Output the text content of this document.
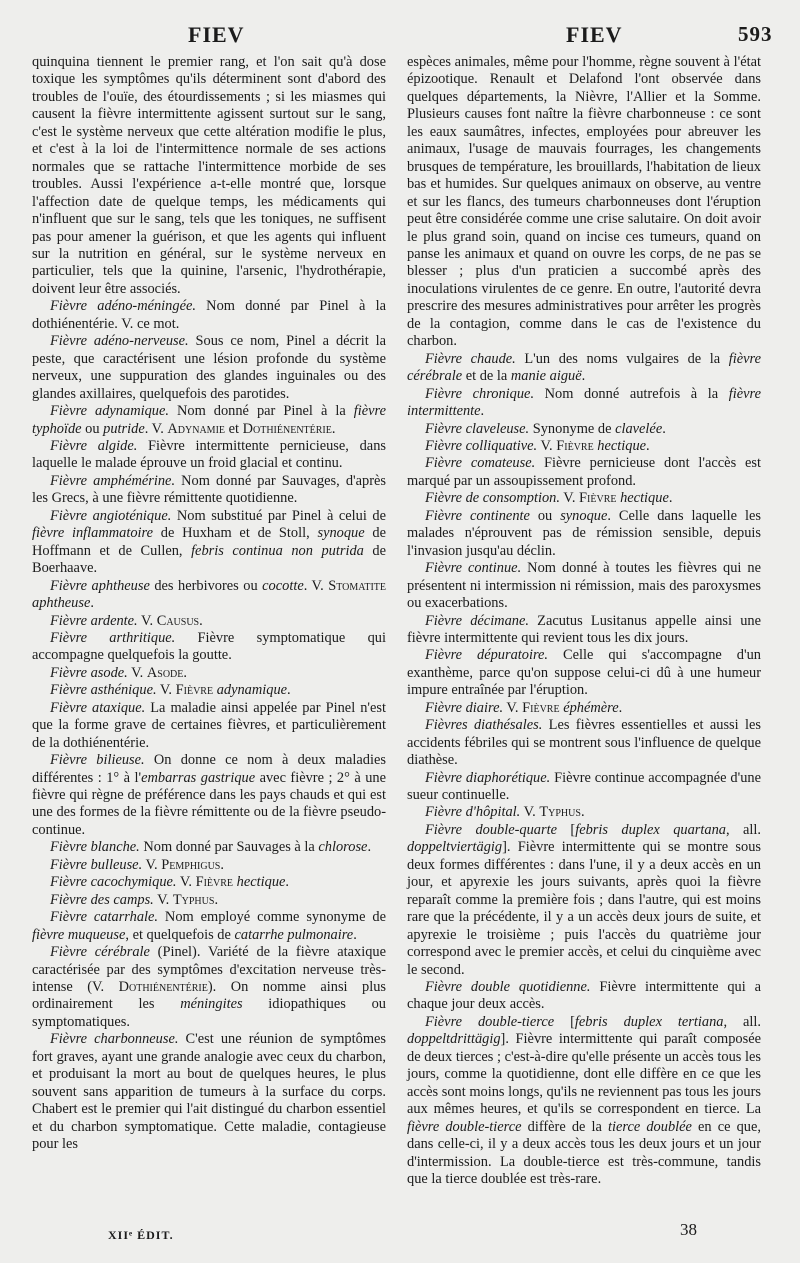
FIEV	FIEV	593

quinquina tiennent le premier rang, et l'on sait qu'à dose toxique les symptômes qu'ils déterminent sont d'abord des troubles de l'ouïe, des étourdissements ; si les miasmes qui causent la fièvre intermittente agissent surtout sur le sang, c'est le système nerveux que cette altération modifie le plus, et c'est à la loi de l'intermittence normale de ses actions normales que se rattache l'intermittence morbide de ses troubles. Aussi l'expérience a-t-elle montré que, lorsque l'affection date de quelque temps, les médicaments qui n'influent que sur le sang, tels que les toniques, ne suffisent pas pour amener la guérison, et que les agents qui influent sur la nutrition en général, sur le système nerveux en particulier, tels que la quinine, l'arsenic, l'hydrothérapie, doivent leur être associés.

Fièvre adéno-méningée. Nom donné par Pinel à la dothiénentérie. V. ce mot.

Fièvre adéno-nerveuse. Sous ce nom, Pinel a décrit la peste, que caractérisent une lésion profonde du système nerveux, une suppuration des glandes inguinales ou des glandes axillaires, quelquefois des parotides.

Fièvre adynamique. Nom donné par Pinel à la fièvre typhoïde ou putride. V. Adynamie et Dothiénentérie.

Fièvre algide. Fièvre intermittente pernicieuse, dans laquelle le malade éprouve un froid glacial et continu.

Fièvre amphémérine. Nom donné par Sauvages, d'après les Grecs, à une fièvre rémittente quotidienne.

Fièvre angioténique. Nom substitué par Pinel à celui de fièvre inflammatoire de Huxham et de Stoll, synoque de Hoffmann et de Cullen, febris continua non putrida de Boerhaave.

Fièvre aphtheuse des herbivores ou cocotte. V. Stomatite aphtheuse.

Fièvre ardente. V. Causus.

Fièvre arthritique. Fièvre symptomatique qui accompagne quelquefois la goutte.

Fièvre asode. V. Asode.

Fièvre asthénique. V. Fièvre adynamique.

Fièvre ataxique. La maladie ainsi appelée par Pinel n'est que la forme grave de certaines fièvres, et particulièrement de la dothiénentérie.

Fièvre bilieuse. On donne ce nom à deux maladies différentes : 1° à l'embarras gastrique avec fièvre ; 2° à une fièvre qui règne de préférence dans les pays chauds et qui est une des formes de la fièvre rémittente ou de la fièvre pseudo-continue.

Fièvre blanche. Nom donné par Sauvages à la chlorose.

Fièvre bulleuse. V. Pemphigus.

Fièvre cacochymique. V. Fièvre hectique.

Fièvre des camps. V. Typhus.

Fièvre catarrhale. Nom employé comme synonyme de fièvre muqueuse, et quelquefois de catarrhe pulmonaire.

Fièvre cérébrale (Pinel). Variété de la fièvre ataxique caractérisée par des symptômes d'excitation nerveuse très-intense (V. Dothiénentérie). On nomme ainsi plus ordinairement les méningites idiopathiques ou symptomatiques.

Fièvre charbonneuse. C'est une réunion de symptômes fort graves, ayant une grande analogie avec ceux du charbon, et produisant la mort au bout de quelques heures, le plus souvent sans apparition de tumeurs à la surface du corps. Chabert est le premier qui l'ait distingué du charbon essentiel et du charbon symptomatique. Cette maladie, contagieuse pour les

espèces animales, même pour l'homme, règne souvent à l'état épizootique. Renault et Delafond l'ont observée dans quelques départements, la Nièvre, l'Allier et la Somme. Plusieurs causes font naître la fièvre charbonneuse : ce sont les eaux saumâtres, infectes, employées pour abreuver les animaux, l'usage de mauvais fourrages, les changements brusques de température, les brouillards, l'habitation de lieux bas et humides. Sur quelques animaux on observe, au ventre et sur les flancs, des tumeurs charbonneuses dont l'éruption peut être considérée comme une crise salutaire. On doit avoir le plus grand soin, quand on incise ces tumeurs, quand on panse les animaux et quand on ouvre les corps, de ne pas se blesser ; plus d'un praticien a succombé après des inoculations virulentes de ce genre. En outre, l'autorité devra prescrire des mesures administratives pour arrêter les progrès de la contagion, comme dans le cas de l'existence du charbon.

Fièvre chaude. L'un des noms vulgaires de la fièvre cérébrale et de la manie aiguë.

Fièvre chronique. Nom donné autrefois à la fièvre intermittente.

Fièvre claveleuse. Synonyme de clavelée.

Fièvre colliquative. V. Fièvre hectique.

Fièvre comateuse. Fièvre pernicieuse dont l'accès est marqué par un assoupissement profond.

Fièvre de consomption. V. Fièvre hectique.

Fièvre continente ou synoque. Celle dans laquelle les malades n'éprouvent pas de rémission sensible, depuis l'invasion jusqu'au déclin.

Fièvre continue. Nom donné à toutes les fièvres qui ne présentent ni intermission ni rémission, mais des paroxysmes ou exacerbations.

Fièvre décimane. Zacutus Lusitanus appelle ainsi une fièvre intermittente qui revient tous les dix jours.

Fièvre dépuratoire. Celle qui s'accompagne d'un exanthème, parce qu'on suppose celui-ci dû à une humeur impure entraînée par l'éruption.

Fièvre diaire. V. Fièvre éphémère.

Fièvres diathésales. Les fièvres essentielles et aussi les accidents fébriles qui se montrent sous l'influence de quelque diathèse.

Fièvre diaphorétique. Fièvre continue accompagnée d'une sueur continuelle.

Fièvre d'hôpital. V. Typhus.

Fièvre double-quarte [febris duplex quartana, all. doppeltviertägig]. Fièvre intermittente qui se montre sous deux formes différentes : dans l'une, il y a deux accès en un jour, et apyrexie les jours suivants, après quoi la fièvre reparaît comme la première fois ; dans l'autre, qui est moins rare que la précédente, il y a un accès deux jours de suite, et apyrexie le troisième ; puis l'accès du quatrième jour correspond avec le premier accès, et celui du cinquième avec le second.

Fièvre double quotidienne. Fièvre intermittente qui a chaque jour deux accès.

Fièvre double-tierce [febris duplex tertiana, all. doppeltdrittägig]. Fièvre intermittente qui paraît composée de deux tierces ; c'est-à-dire qu'elle présente un accès tous les jours, comme la quotidienne, dont elle diffère en ce que les accès sont moins longs, qu'ils ne reviennent pas tous les jours aux mêmes heures, et qu'ils se correspondent en tierce. La fièvre double-tierce diffère de la tierce doublée en ce que, dans celle-ci, il y a deux accès tous les deux jours et un jour d'intermission. La double-tierce est très-commune, tandis que la tierce doublée est très-rare.

XIIᵉ ÉDIT.	38
